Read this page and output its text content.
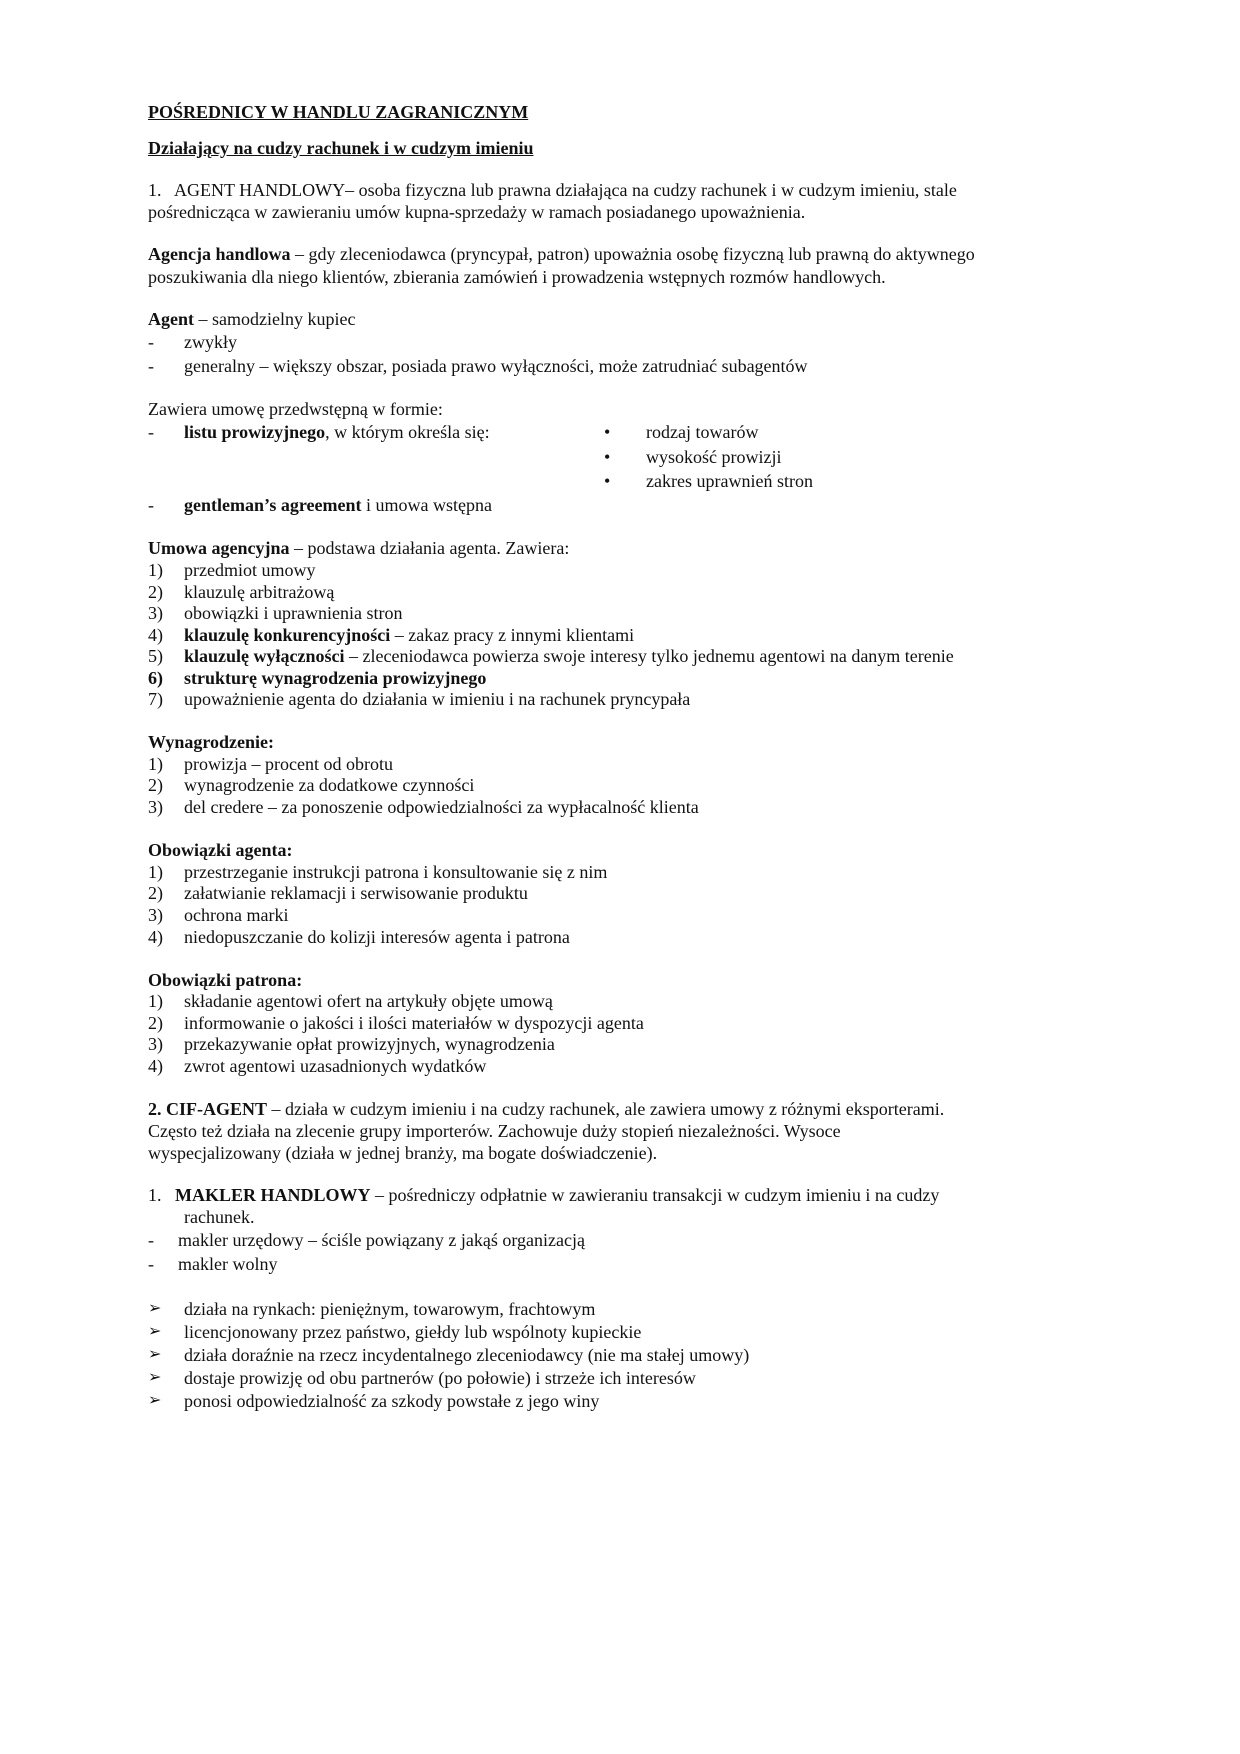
POŚREDNICY W HANDLU ZAGRANICZNYM
Działający na cudzy rachunek i w cudzym imieniu
1. AGENT HANDLOWY– osoba fizyczna lub prawna działająca na cudzy rachunek i w cudzym imieniu, stale
pośrednicząca w zawieraniu umów kupna-sprzedaży w ramach posiadanego upoważnienia.
Agencja handlowa – gdy zleceniodawca (pryncypał, patron) upoważnia osobę fizyczną lub prawną do aktywnego
poszukiwania dla niego klientów, zbierania zamówień i prowadzenia wstępnych rozmów handlowych.
Agent – samodzielny kupiec
- zwykły
- generalny – większy obszar, posiada prawo wyłączności, może zatrudniać subagentów
Zawiera umowę przedwstępną w formie:
- listu prowizyjnego, w którym określa się:	• rodzaj towarów
• wysokość prowizji
• zakres uprawnień stron
- gentleman’s agreement i umowa wstępna
Umowa agencyjna – podstawa działania agenta. Zawiera:
1) przedmiot umowy
2) klauzulę arbitrażową
3) obowiązki i uprawnienia stron
4) klauzulę konkurencyjności – zakaz pracy z innymi klientami
5) klauzulę wyłączności – zleceniodawca powierza swoje interesy tylko jednemu agentowi na danym terenie
6) strukturę wynagrodzenia prowizyjnego
7) upoważnienie agenta do działania w imieniu i na rachunek pryncypała
Wynagrodzenie:
1) prowizja – procent od obrotu
2) wynagrodzenie za dodatkowe czynności
3) del credere – za ponoszenie odpowiedzialności za wypłacalność klienta
Obowiązki agenta:
1) przestrzeganie instrukcji patrona i konsultowanie się z nim
2) załatwianie reklamacji i serwisowanie produktu
3) ochrona marki
4) niedopuszczanie do kolizji interesów agenta i patrona
Obowiązki patrona:
1) składanie agentowi ofert na artykuły objęte umową
2) informowanie o jakości i ilości materiałów w dyspozycji agenta
3) przekazywanie opłat prowizyjnych, wynagrodzenia
4) zwrot agentowi uzasadnionych wydatków
2. CIF-AGENT – działa w cudzym imieniu i na cudzy rachunek, ale zawiera umowy z różnymi eksporterami.
Często też działa na zlecenie grupy importerów. Zachowuje duży stopień niezależności. Wysoce
wyspecjalizowany (działa w jednej branży, ma bogate doświadczenie).
1. MAKLER HANDLOWY – pośredniczy odpłatnie w zawieraniu transakcji w cudzym imieniu i na cudzy
rachunek.
- makler urzędowy – ściśle powiązany z jakąś organizacją
- makler wolny
➢ działa na rynkach: pieniężnym, towarowym, frachtowym
➢ licencjonowany przez państwo, giełdy lub wspólnoty kupieckie
➢ działa doraźnie na rzecz incydentalnego zleceniodawcy (nie ma stałej umowy)
➢ dostaje prowizję od obu partnerów (po połowie) i strzeże ich interesów
➢ ponosi odpowiedzialność za szkody powstałe z jego winy
